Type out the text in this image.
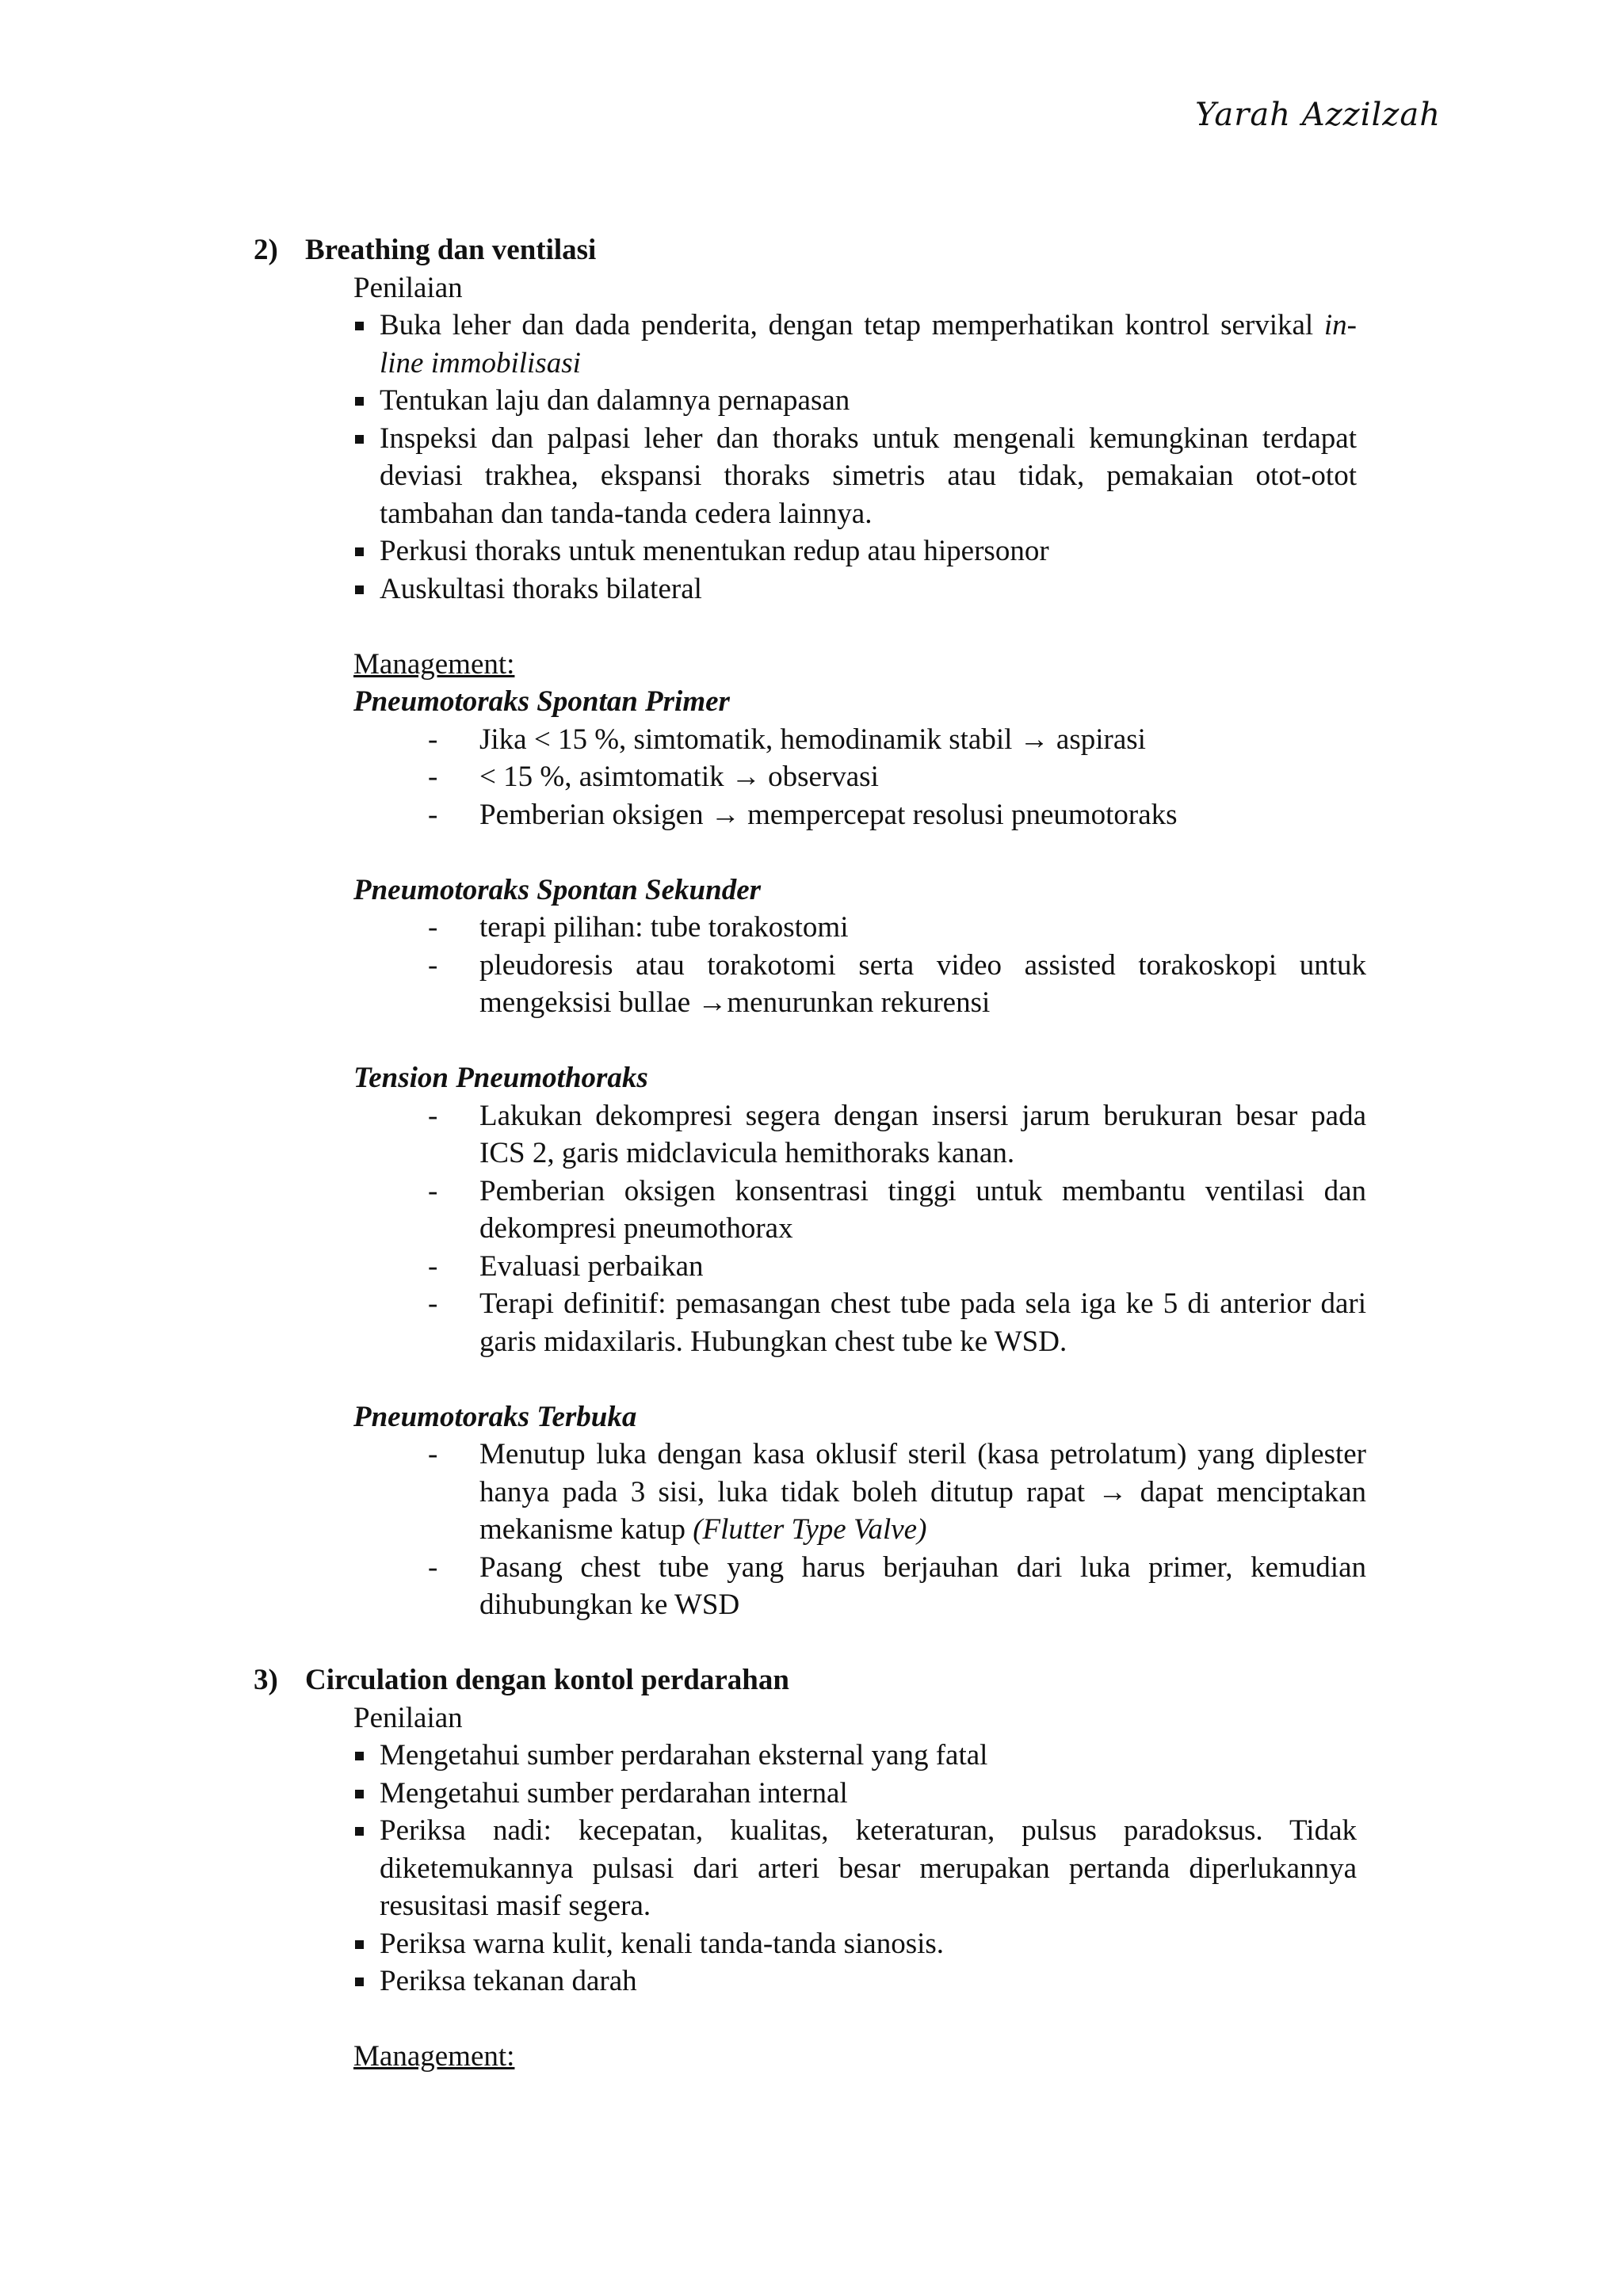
Yarah Azzilzah
2) Breathing dan ventilasi
Penilaian
Buka leher dan dada penderita, dengan tetap memperhatikan kontrol servikal in-line immobilisasi
Tentukan laju dan dalamnya pernapasan
Inspeksi dan palpasi leher dan thoraks untuk mengenali kemungkinan terdapat deviasi trakhea, ekspansi thoraks simetris atau tidak, pemakaian otot-otot tambahan dan tanda-tanda cedera lainnya.
Perkusi thoraks untuk menentukan redup atau hipersonor
Auskultasi thoraks bilateral
Management:
Pneumotoraks Spontan Primer
- Jika < 15 %, simtomatik, hemodinamik stabil → aspirasi
- < 15 %, asimtomatik → observasi
- Pemberian oksigen → mempercepat resolusi pneumotoraks
Pneumotoraks Spontan Sekunder
- terapi pilihan: tube torakostomi
- pleudoresis atau torakotomi serta video assisted torakoskopi untuk mengeksisi bullae →menurunkan rekurensi
Tension Pneumothoraks
- Lakukan dekompresi segera dengan insersi jarum berukuran besar pada ICS 2, garis midclavicula hemithoraks kanan.
- Pemberian oksigen konsentrasi tinggi untuk membantu ventilasi dan dekompresi pneumothorax
- Evaluasi perbaikan
- Terapi definitif: pemasangan chest tube pada sela iga ke 5 di anterior dari garis midaxilaris. Hubungkan chest tube ke WSD.
Pneumotoraks Terbuka
- Menutup luka dengan kasa oklusif steril (kasa petrolatum) yang diplester hanya pada 3 sisi, luka tidak boleh ditutup rapat → dapat menciptakan mekanisme katup (Flutter Type Valve)
- Pasang chest tube yang harus berjauhan dari luka primer, kemudian dihubungkan ke WSD
3) Circulation dengan kontol perdarahan
Penilaian
Mengetahui sumber perdarahan eksternal yang fatal
Mengetahui sumber perdarahan internal
Periksa nadi: kecepatan, kualitas, keteraturan, pulsus paradoksus. Tidak diketemukannya pulsasi dari arteri besar merupakan pertanda diperlukannya resusitasi masif segera.
Periksa warna kulit, kenali tanda-tanda sianosis.
Periksa tekanan darah
Management:
